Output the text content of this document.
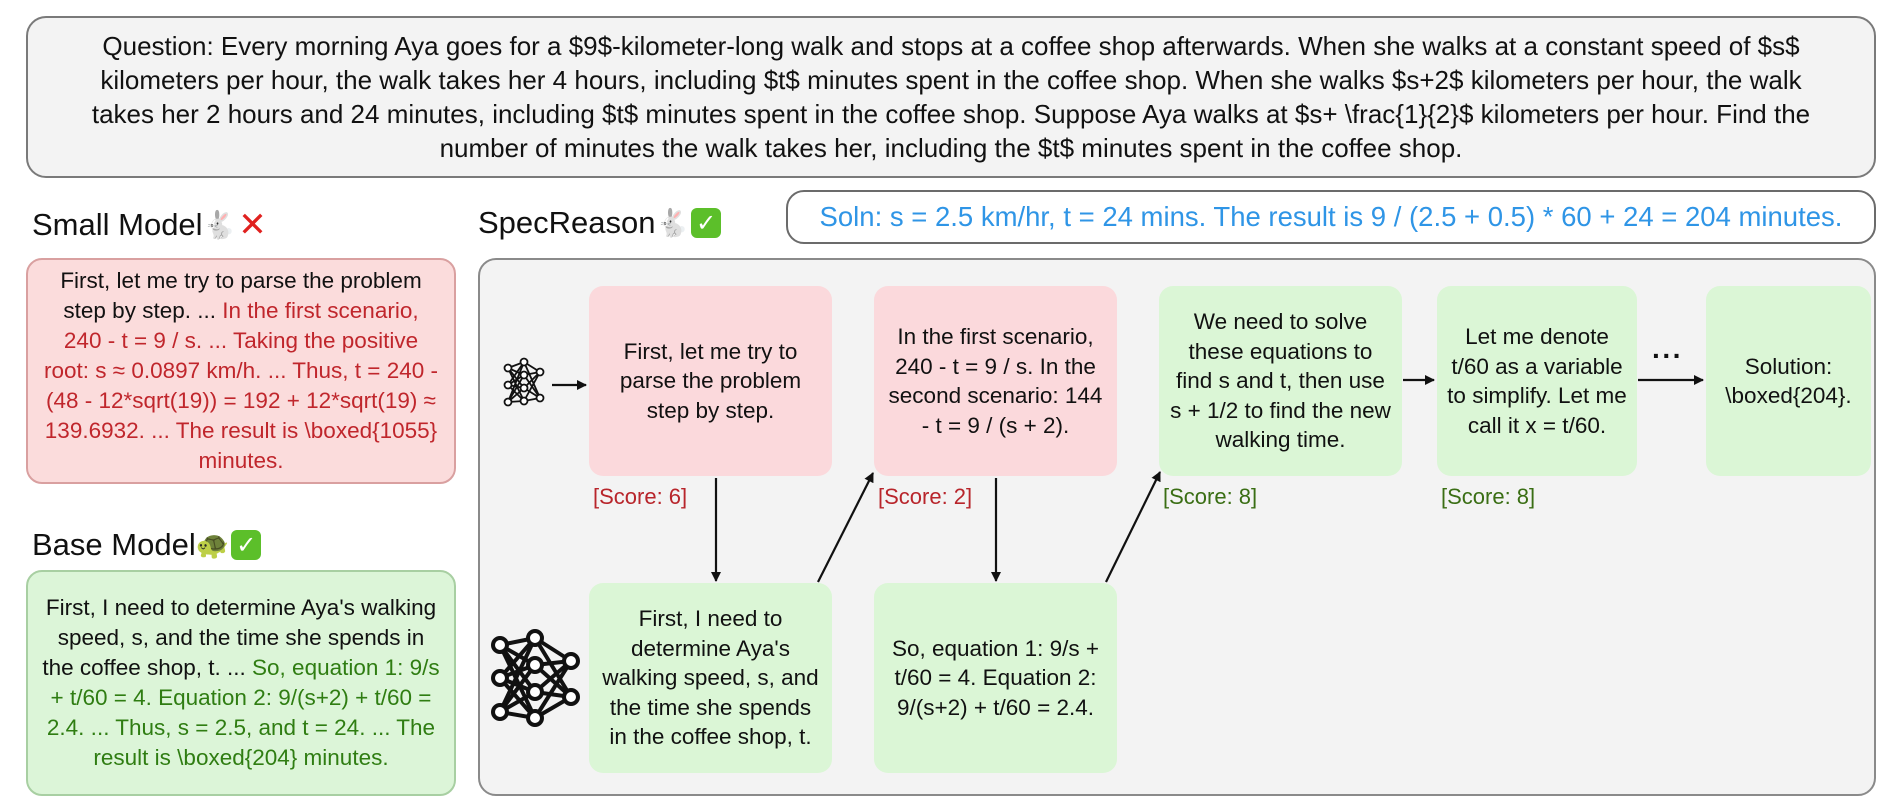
Question: Every morning Aya goes for a $9$-kilometer-long walk and stops at a coffee shop afterwards. When she walks at a constant speed of $s$ kilometers per hour, the walk takes her 4 hours, including $t$ minutes spent in the coffee shop. When she walks $s+2$ kilometers per hour, the walk takes her 2 hours and 24 minutes, including $t$ minutes spent in the coffee shop. Suppose Aya walks at $s+ \frac{1}{2}$ kilometers per hour. Find the number of minutes the walk takes her, including the $t$ minutes spent in the coffee shop.
Small Model 🐇 ✕
First, let me try to parse the problem step by step. ... In the first scenario, 240 - t = 9 / s. ... Taking the positive root: s ≈ 0.0897 km/h. ... Thus, t = 240 - (48 - 12*sqrt(19)) = 192 + 12*sqrt(19) ≈ 139.6932. ... The result is \boxed{1055} minutes.
Base Model 🐢 ✓
First, I need to determine Aya's walking speed, s, and the time she spends in the coffee shop, t. ... So, equation 1: 9/s + t/60 = 4. Equation 2: 9/(s+2) + t/60 = 2.4. ... Thus, s = 2.5, and t = 24. ... The result is \boxed{204} minutes.
SpecReason 🐇 ✓	Soln: s = 2.5 km/hr, t = 24 mins. The result is 9 / (2.5 + 0.5) * 60 + 24 = 204 minutes.
First, let me try to parse the problem step by step.
In the first scenario, 240 - t = 9 / s. In the second scenario: 144 - t = 9 / (s + 2).
We need to solve these equations to find s and t, then use s + 1/2 to find the new walking time.
Let me denote t/60 as a variable to simplify. Let me call it x = t/60.
Solution: \boxed{204}.
First, I need to determine Aya's walking speed, s, and the time she spends in the coffee shop, t.
So, equation 1: 9/s + t/60 = 4. Equation 2: 9/(s+2) + t/60 = 2.4.
[Score: 6]	[Score: 2]	[Score: 8]	[Score: 8]
···
